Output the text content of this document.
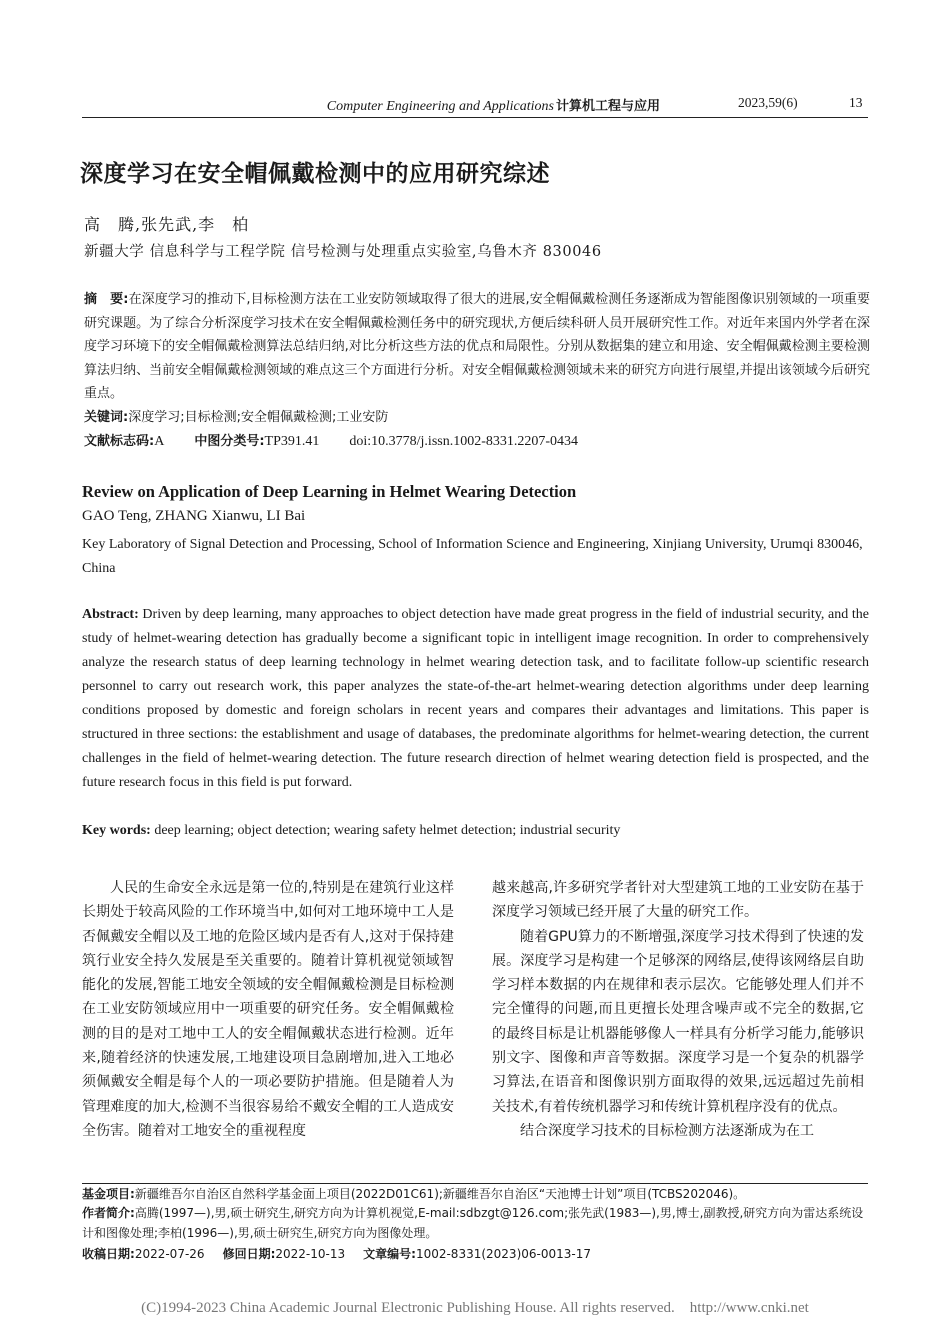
Computer Engineering and Applications 计算机工程与应用	2023,59(6)	13
深度学习在安全帽佩戴检测中的应用研究综述
高　腾,张先武,李　柏
新疆大学 信息科学与工程学院 信号检测与处理重点实验室,乌鲁木齐 830046
摘　要:在深度学习的推动下,目标检测方法在工业安防领域取得了很大的进展,安全帽佩戴检测任务逐渐成为智能图像识别领域的一项重要研究课题。为了综合分析深度学习技术在安全帽佩戴检测任务中的研究现状,方便后续科研人员开展研究性工作。对近年来国内外学者在深度学习环境下的安全帽佩戴检测算法总结归纳,对比分析这些方法的优点和局限性。分别从数据集的建立和用途、安全帽佩戴检测主要检测算法归纳、当前安全帽佩戴检测领域的难点这三个方面进行分析。对安全帽佩戴检测领域未来的研究方向进行展望,并提出该领域今后研究重点。
关键词:深度学习;目标检测;安全帽佩戴检测;工业安防
文献标志码:A 中图分类号:TP391.41 doi:10.3778/j.issn.1002-8331.2207-0434
Review on Application of Deep Learning in Helmet Wearing Detection
GAO Teng, ZHANG Xianwu, LI Bai
Key Laboratory of Signal Detection and Processing, School of Information Science and Engineering, Xinjiang University, Urumqi 830046, China
Abstract: Driven by deep learning, many approaches to object detection have made great progress in the field of industrial security, and the study of helmet-wearing detection has gradually become a significant topic in intelligent image recognition. In order to comprehensively analyze the research status of deep learning technology in helmet wearing detection task, and to facilitate follow-up scientific research personnel to carry out research work, this paper analyzes the state-of-the-art helmet-wearing detection algorithms under deep learning conditions proposed by domestic and foreign scholars in recent years and compares their advantages and limitations. This paper is structured in three sections: the establishment and usage of databases, the predominate algorithms for helmet-wearing detection, the current challenges in the field of helmet-wearing detection. The future research direction of helmet wearing detection field is prospected, and the future research focus in this field is put forward.
Key words: deep learning; object detection; wearing safety helmet detection; industrial security

人民的生命安全永远是第一位的,特别是在建筑行业这样长期处于较高风险的工作环境当中,如何对工地环境中工人是否佩戴安全帽以及工地的危险区域内是否有人,这对于保持建筑行业安全持久发展是至关重要的。随着计算机视觉领域智能化的发展,智能工地安全领域的安全帽佩戴检测是目标检测在工业安防领域应用中一项重要的研究任务。安全帽佩戴检测的目的是对工地中工人的安全帽佩戴状态进行检测。近年来,随着经济的快速发展,工地建设项目急剧增加,进入工地必须佩戴安全帽是每个人的一项必要防护措施。但是随着人为管理难度的加大,检测不当很容易给不戴安全帽的工人造成安全伤害。随着对工地安全的重视程度

越来越高,许多研究学者针对大型建筑工地的工业安防在基于深度学习领域已经开展了大量的研究工作。

随着GPU算力的不断增强,深度学习技术得到了快速的发展。深度学习是构建一个足够深的网络层,使得该网络层自助学习样本数据的内在规律和表示层次。它能够处理人们并不完全懂得的问题,而且更擅长处理含噪声或不完全的数据,它的最终目标是让机器能够像人一样具有分析学习能力,能够识别文字、图像和声音等数据。深度学习是一个复杂的机器学习算法,在语音和图像识别方面取得的效果,远远超过先前相关技术,有着传统机器学习和传统计算机程序没有的优点。

结合深度学习技术的目标检测方法逐渐成为在工

基金项目:新疆维吾尔自治区自然科学基金面上项目(2022D01C61);新疆维吾尔自治区“天池博士计划”项目(TCBS202046)。
作者简介:高腾(1997—),男,硕士研究生,研究方向为计算机视觉,E-mail:sdbzgt@126.com;张先武(1983—),男,博士,副教授,研究方向为雷达系统设计和图像处理;李柏(1996—),男,硕士研究生,研究方向为图像处理。
收稿日期:2022-07-26 修回日期:2022-10-13 文章编号:1002-8331(2023)06-0013-17
(C)1994-2023 China Academic Journal Electronic Publishing House. All rights reserved.　http://www.cnki.net
